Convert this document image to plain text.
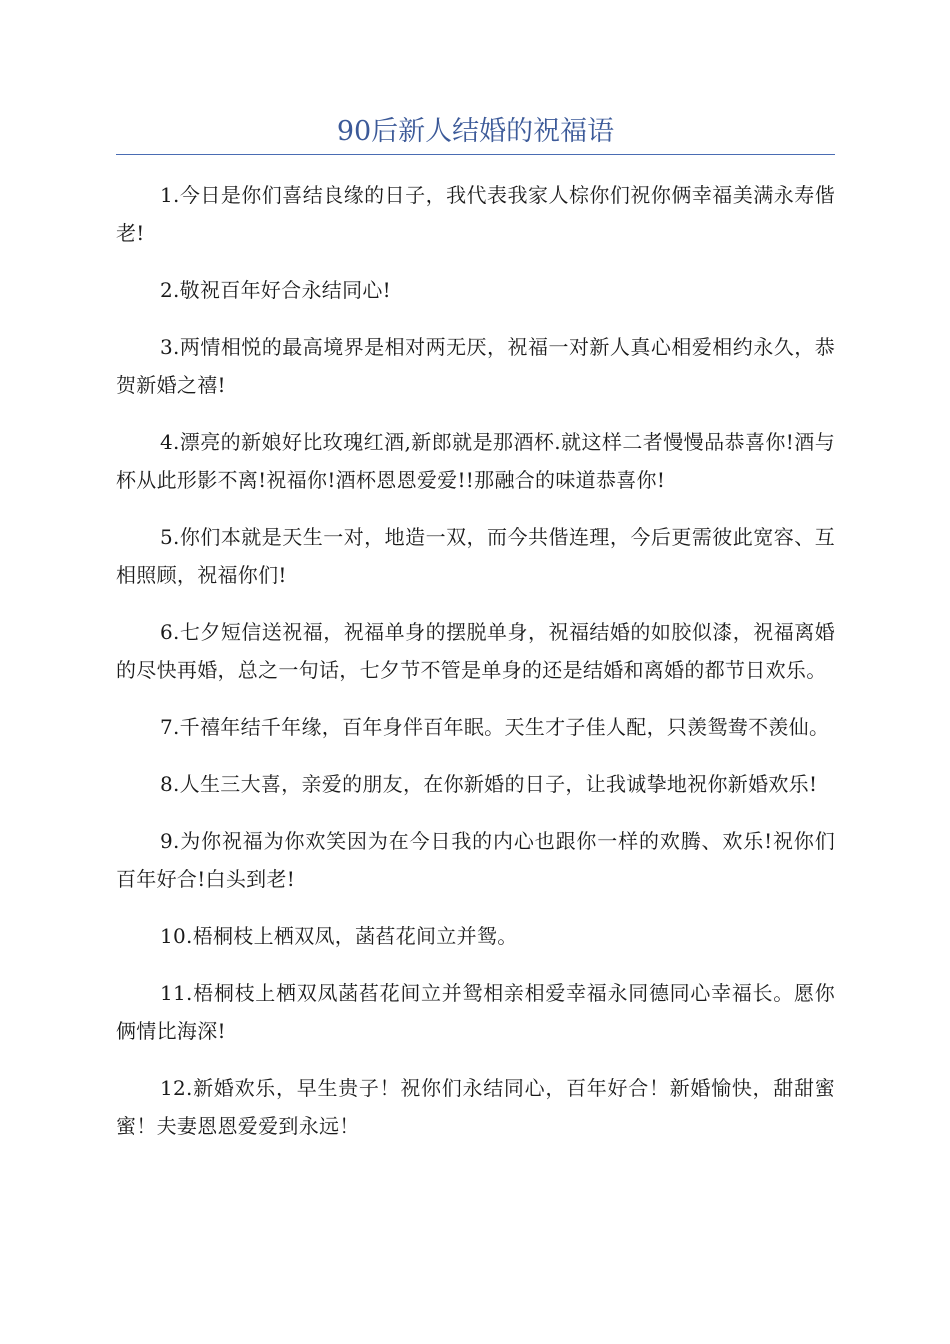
90后新人结婚的祝福语

1.今日是你们喜结良缘的日子，我代表我家人棕你们祝你俩幸福美满永寿偕老!

2.敬祝百年好合永结同心!

3.两情相悦的最高境界是相对两无厌，祝福一对新人真心相爱相约永久，恭贺新婚之禧!

4.漂亮的新娘好比玫瑰红酒,新郎就是那酒杯.就这样二者慢慢品恭喜你!酒与杯从此形影不离!祝福你!酒杯恩恩爱爱!!那融合的味道恭喜你!

5.你们本就是天生一对，地造一双，而今共偕连理，今后更需彼此宽容、互相照顾，祝福你们!

6.七夕短信送祝福，祝福单身的摆脱单身，祝福结婚的如胶似漆，祝福离婚的尽快再婚，总之一句话，七夕节不管是单身的还是结婚和离婚的都节日欢乐。

7.千禧年结千年缘，百年身伴百年眠。天生才子佳人配，只羡鸳鸯不羡仙。

8.人生三大喜，亲爱的朋友，在你新婚的日子，让我诚挚地祝你新婚欢乐!

9.为你祝福为你欢笑因为在今日我的内心也跟你一样的欢腾、欢乐!祝你们百年好合!白头到老!

10.梧桐枝上栖双凤，菡萏花间立并鸳。

11.梧桐枝上栖双凤菡萏花间立并鸳相亲相爱幸福永同德同心幸福长。愿你俩情比海深!

12.新婚欢乐，早生贵子！祝你们永结同心，百年好合！新婚愉快，甜甜蜜蜜！夫妻恩恩爱爱到永远！
